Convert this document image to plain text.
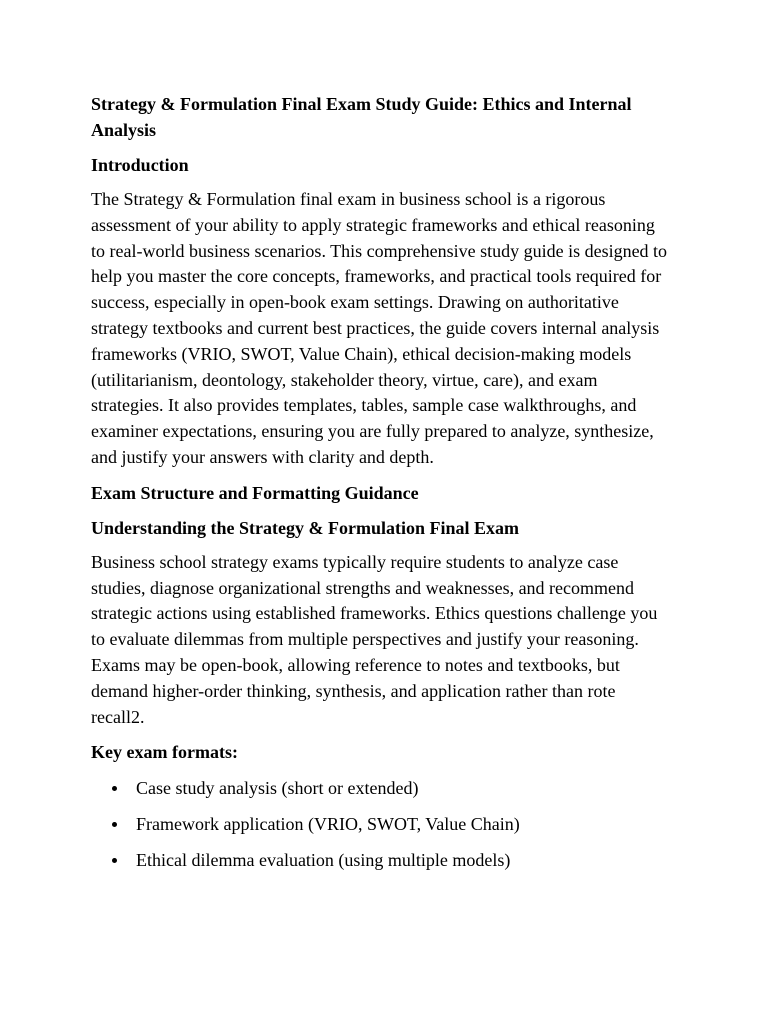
Strategy & Formulation Final Exam Study Guide: Ethics and Internal Analysis
Introduction

The Strategy & Formulation final exam in business school is a rigorous assessment of your ability to apply strategic frameworks and ethical reasoning to real-world business scenarios. This comprehensive study guide is designed to help you master the core concepts, frameworks, and practical tools required for success, especially in open-book exam settings. Drawing on authoritative strategy textbooks and current best practices, the guide covers internal analysis frameworks (VRIO, SWOT, Value Chain), ethical decision-making models (utilitarianism, deontology, stakeholder theory, virtue, care), and exam strategies. It also provides templates, tables, sample case walkthroughs, and examiner expectations, ensuring you are fully prepared to analyze, synthesize, and justify your answers with clarity and depth.

Exam Structure and Formatting Guidance
Understanding the Strategy & Formulation Final Exam

Business school strategy exams typically require students to analyze case studies, diagnose organizational strengths and weaknesses, and recommend strategic actions using established frameworks. Ethics questions challenge you to evaluate dilemmas from multiple perspectives and justify your reasoning. Exams may be open-book, allowing reference to notes and textbooks, but demand higher-order thinking, synthesis, and application rather than rote recall2.

Key exam formats:
Case study analysis (short or extended)
Framework application (VRIO, SWOT, Value Chain)
Ethical dilemma evaluation (using multiple models)
